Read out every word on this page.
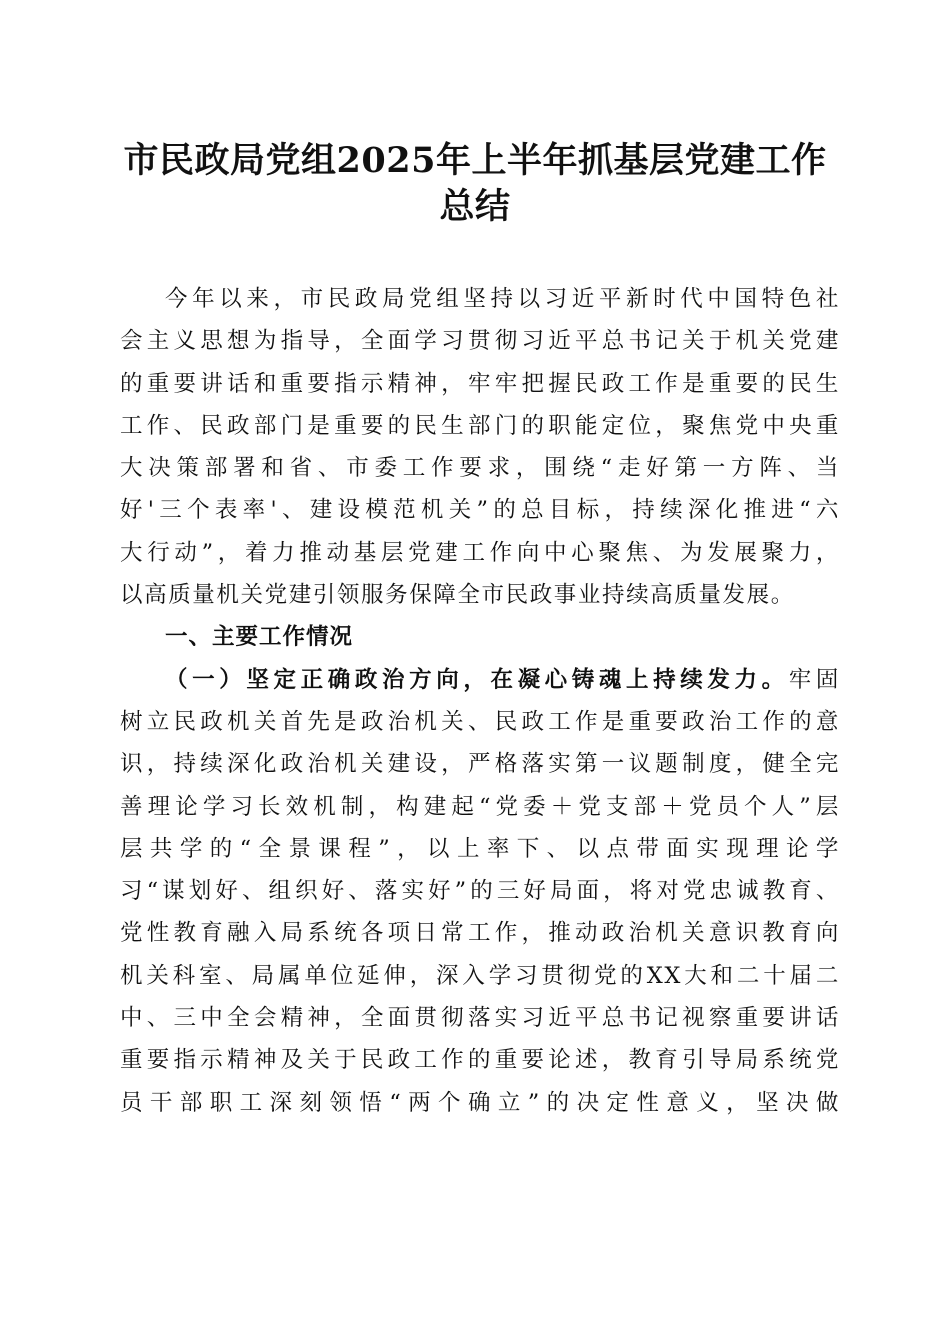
市民政局党组2025年上半年抓基层党建工作
总结
今年以来，市民政局党组坚持以习近平新时代中国特色社
会主义思想为指导，全面学习贯彻习近平总书记关于机关党建
的重要讲话和重要指示精神，牢牢把握民政工作是重要的民生
工作、民政部门是重要的民生部门的职能定位，聚焦党中央重
大决策部署和省、市委工作要求，围绕“走好第一方阵、当
好'三个表率'、建设模范机关”的总目标，持续深化推进“六
大行动”，着力推动基层党建工作向中心聚焦、为发展聚力，
以高质量机关党建引领服务保障全市民政事业持续高质量发展。
一、主要工作情况
（一）坚定正确政治方向，在凝心铸魂上持续发力。牢固
树立民政机关首先是政治机关、民政工作是重要政治工作的意
识，持续深化政治机关建设，严格落实第一议题制度，健全完
善理论学习长效机制，构建起“党委＋党支部＋党员个人”层
层共学的“全景课程”，以上率下、以点带面实现理论学
习“谋划好、组织好、落实好”的三好局面，将对党忠诚教育、
党性教育融入局系统各项日常工作，推动政治机关意识教育向
机关科室、局属单位延伸，深入学习贯彻党的XX大和二十届二
中、三中全会精神，全面贯彻落实习近平总书记视察重要讲话
重要指示精神及关于民政工作的重要论述，教育引导局系统党
员干部职工深刻领悟“两个确立”的决定性意义，坚决做
